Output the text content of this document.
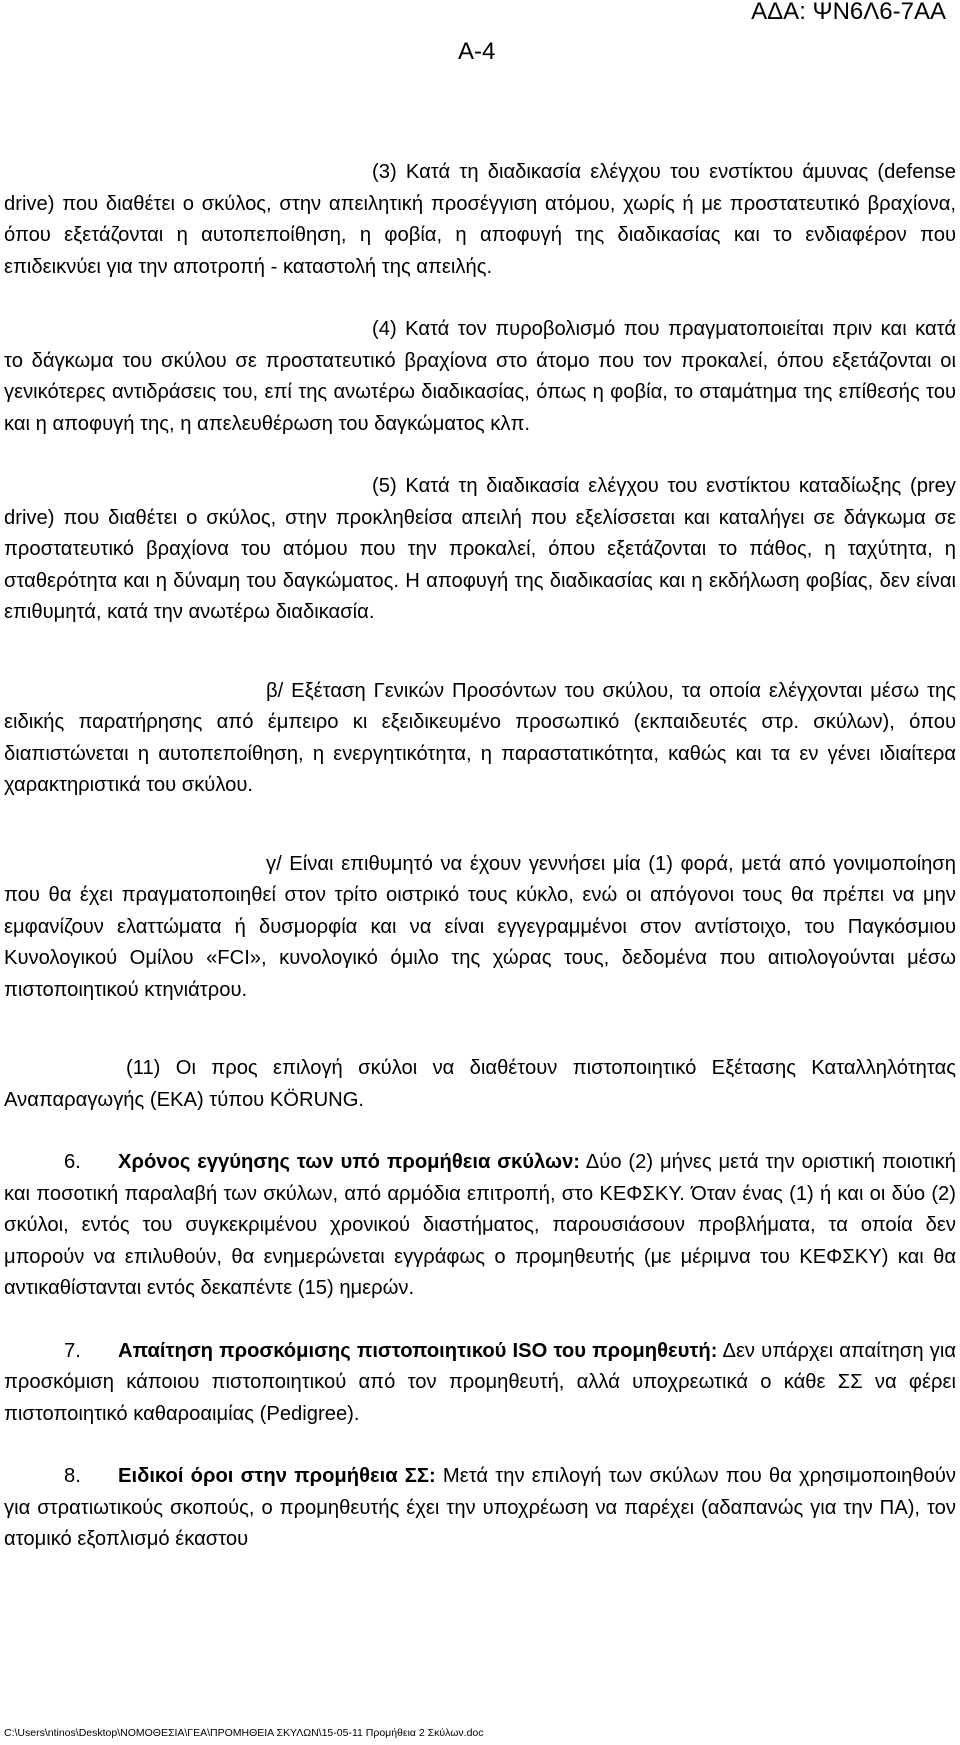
ΑΔΑ: ΨΝ6Λ6-7ΑΑ
Α-4

(3) Κατά τη διαδικασία ελέγχου του ενστίκτου άμυνας (defense drive) που διαθέτει ο σκύλος, στην απειλητική προσέγγιση ατόμου, χωρίς ή με προστατευτικό βραχίονα, όπου εξετάζονται η αυτοπεποίθηση, η φοβία, η αποφυγή της διαδικασίας και το ενδιαφέρον που επιδεικνύει για την αποτροπή - καταστολή της απειλής.

(4) Κατά τον πυροβολισμό που πραγματοποιείται πριν και κατά το δάγκωμα του σκύλου σε προστατευτικό βραχίονα στο άτομο που τον προκαλεί, όπου εξετάζονται οι γενικότερες αντιδράσεις του, επί της ανωτέρω διαδικασίας, όπως η φοβία, το σταμάτημα της επίθεσής του και η αποφυγή της, η απελευθέρωση του δαγκώματος κλπ.

(5) Κατά τη διαδικασία ελέγχου του ενστίκτου καταδίωξης (prey drive) που διαθέτει ο σκύλος, στην προκληθείσα απειλή που εξελίσσεται και καταλήγει σε δάγκωμα σε προστατευτικό βραχίονα του ατόμου που την προκαλεί, όπου εξετάζονται το πάθος, η ταχύτητα, η σταθερότητα και η δύναμη του δαγκώματος. Η αποφυγή της διαδικασίας και η εκδήλωση φοβίας, δεν είναι επιθυμητά, κατά την ανωτέρω διαδικασία.

β/ Εξέταση Γενικών Προσόντων του σκύλου, τα οποία ελέγχονται μέσω της ειδικής παρατήρησης από έμπειρο κι εξειδικευμένο προσωπικό (εκπαιδευτές στρ. σκύλων), όπου διαπιστώνεται η αυτοπεποίθηση, η ενεργητικότητα, η παραστατικότητα, καθώς και τα εν γένει ιδιαίτερα χαρακτηριστικά του σκύλου.

γ/ Είναι επιθυμητό να έχουν γεννήσει μία (1) φορά, μετά από γονιμοποίηση που θα έχει πραγματοποιηθεί στον τρίτο οιστρικό τους κύκλο, ενώ οι απόγονοι τους θα πρέπει να μην εμφανίζουν ελαττώματα ή δυσμορφία και να είναι εγγεγραμμένοι στον αντίστοιχο, του Παγκόσμιου Κυνολογικού Ομίλου «FCI», κυνολογικό όμιλο της χώρας τους, δεδομένα που αιτιολογούνται μέσω πιστοποιητικού κτηνιάτρου.

(11) Οι προς επιλογή σκύλοι να διαθέτουν πιστοποιητικό Εξέτασης Καταλληλότητας Αναπαραγωγής (ΕΚΑ) τύπου KÖRUNG.

6. Χρόνος εγγύησης των υπό προμήθεια σκύλων: Δύο (2) μήνες μετά την οριστική ποιοτική και ποσοτική παραλαβή των σκύλων, από αρμόδια επιτροπή, στο ΚΕΦΣΚΥ. Όταν ένας (1) ή και οι δύο (2) σκύλοι, εντός του συγκεκριμένου χρονικού διαστήματος, παρουσιάσουν προβλήματα, τα οποία δεν μπορούν να επιλυθούν, θα ενημερώνεται εγγράφως ο προμηθευτής (με μέριμνα του ΚΕΦΣΚΥ) και θα αντικαθίστανται εντός δεκαπέντε (15) ημερών.

7. Απαίτηση προσκόμισης πιστοποιητικού ISO του προμηθευτή: Δεν υπάρχει απαίτηση για προσκόμιση κάποιου πιστοποιητικού από τον προμηθευτή, αλλά υποχρεωτικά ο κάθε ΣΣ να φέρει πιστοποιητικό καθαροαιμίας (Pedigree).

8. Ειδικοί όροι στην προμήθεια ΣΣ: Μετά την επιλογή των σκύλων που θα χρησιμοποιηθούν για στρατιωτικούς σκοπούς, ο προμηθευτής έχει την υποχρέωση να παρέχει (αδαπανώς για την ΠΑ), τον ατομικό εξοπλισμό έκαστου

C:\Users\ntinos\Desktop\ΝΟΜΟΘΕΣΙΑ\ΓΕΑ\ΠΡΟΜΗΘΕΙΑ ΣΚΥΛΩΝ\15-05-11 Προμήθεια 2 Σκύλων.doc
